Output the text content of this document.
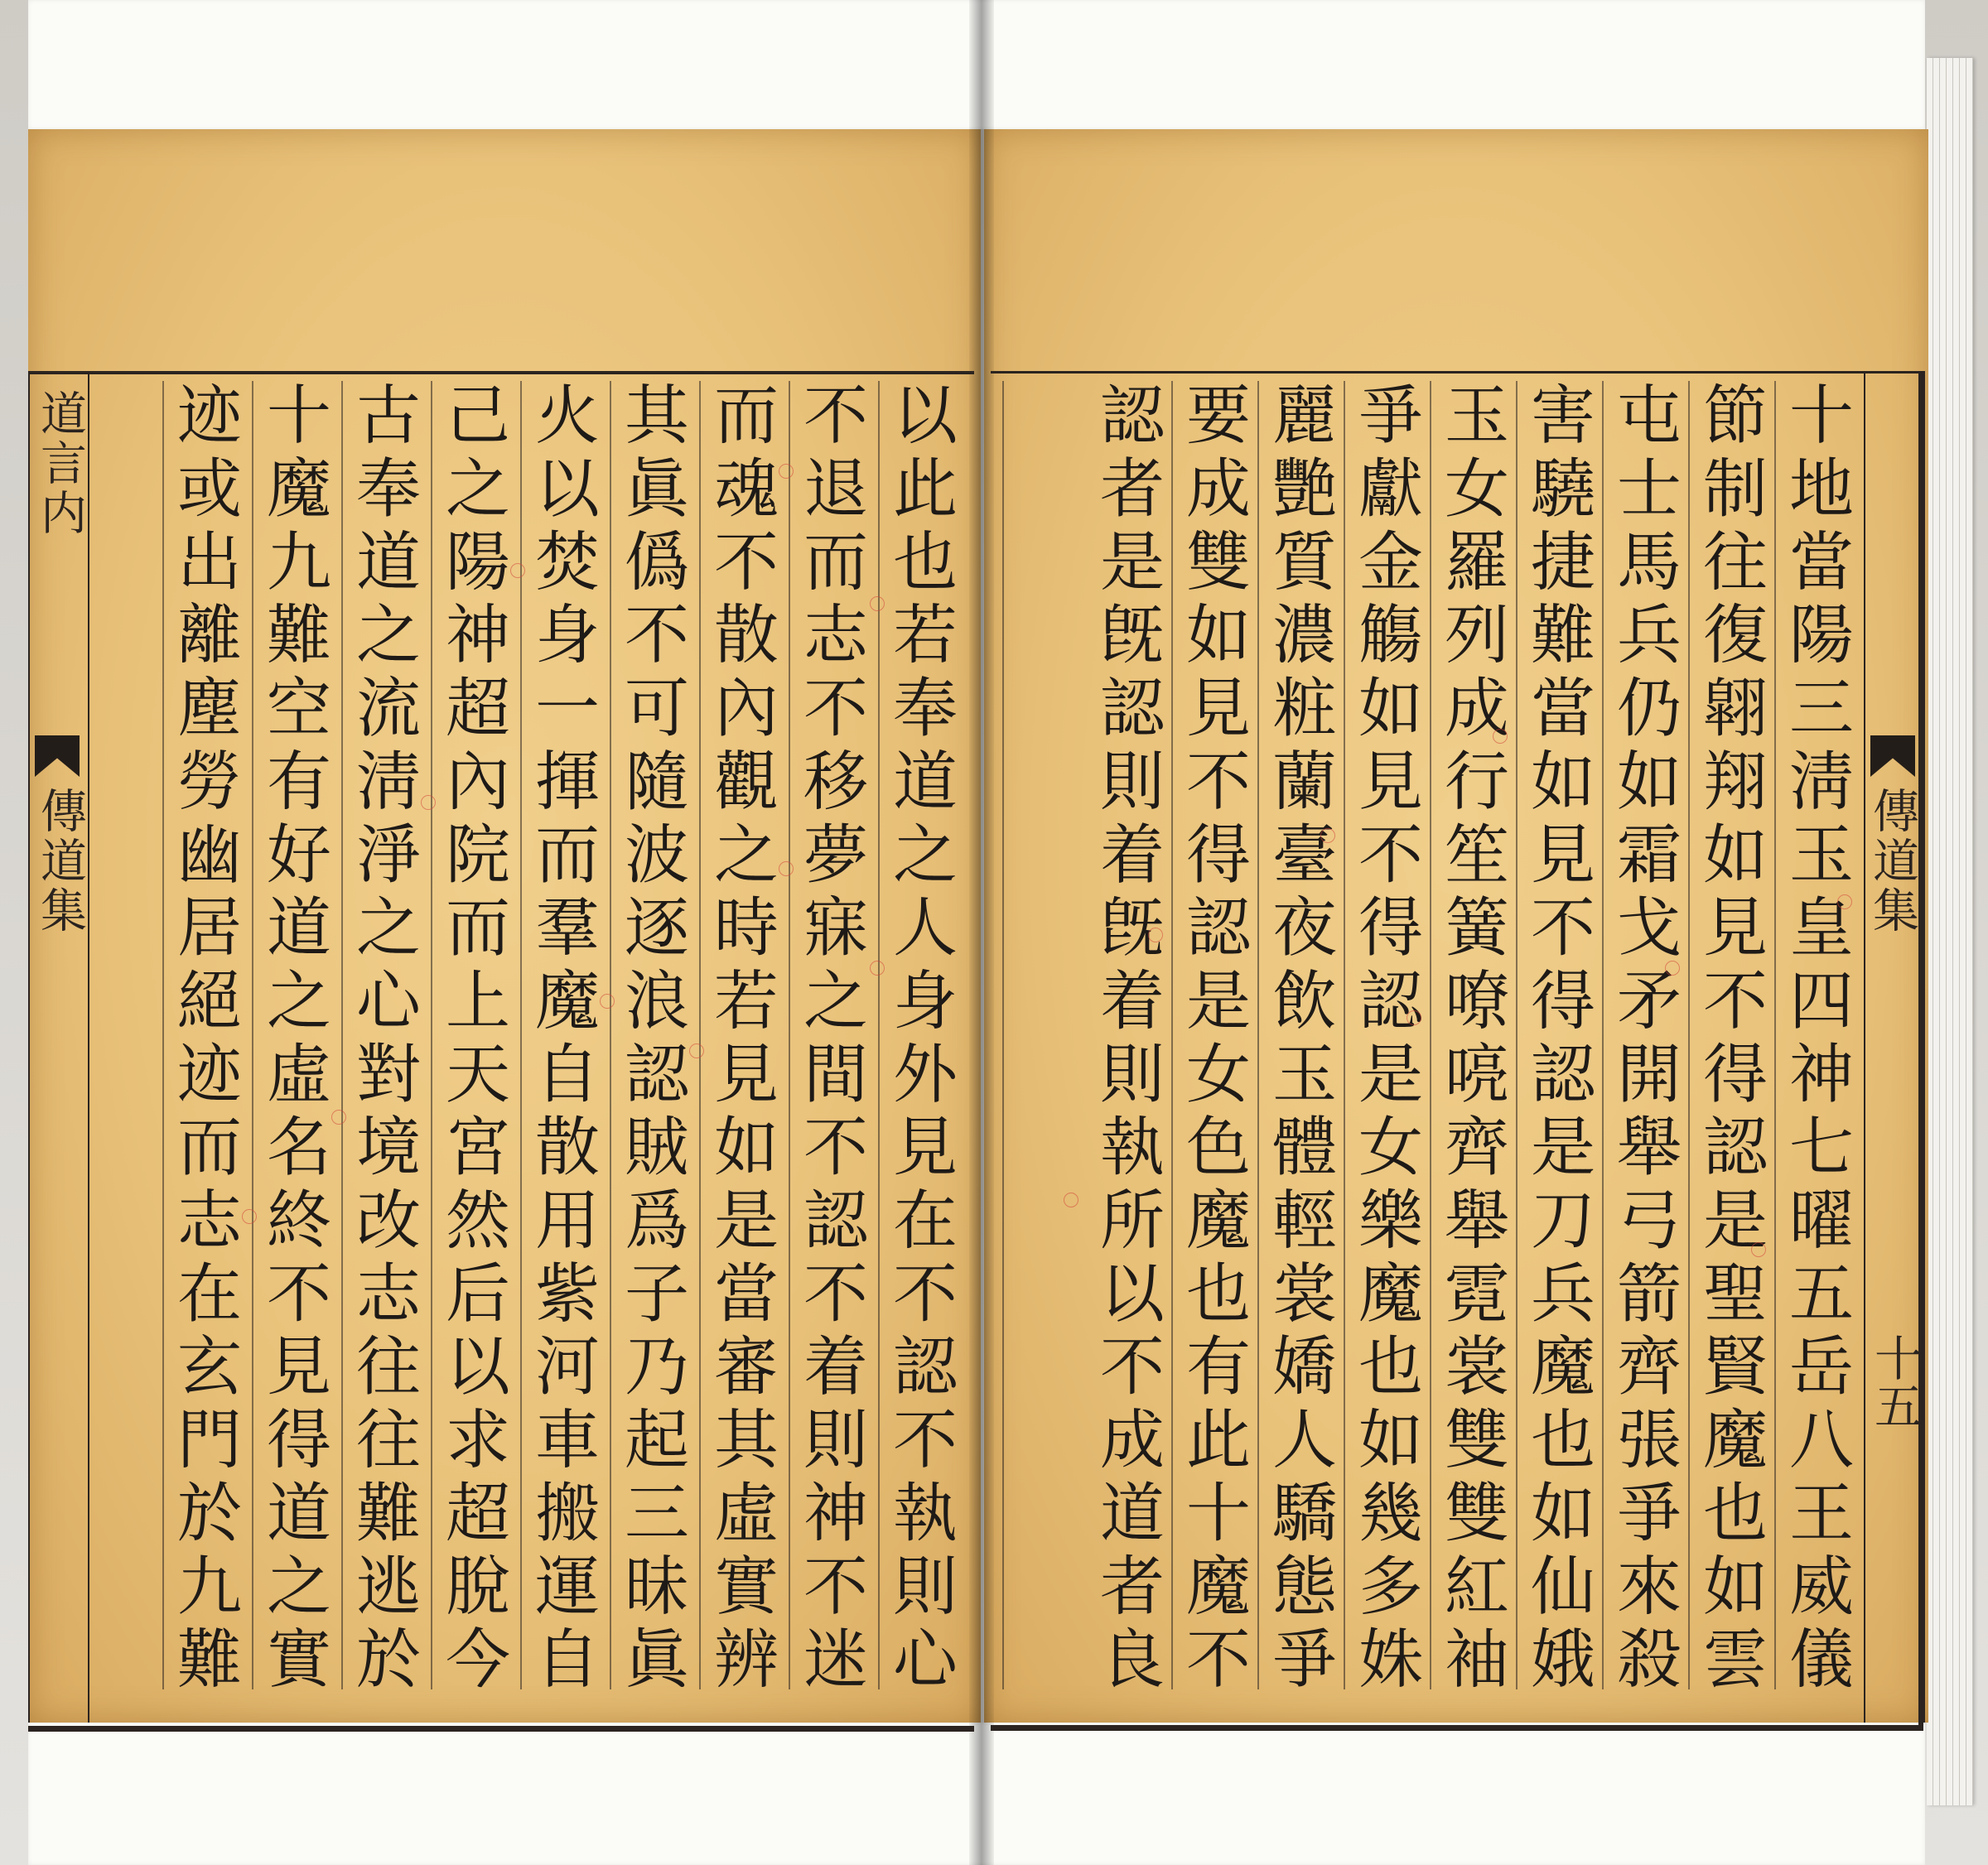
傳道集
十五
道言内
傳道集	十地當陽三淸玉皇四神七曜五岳八王威儀
節制往復翶翔如見不得認是聖賢魔也如雲
屯士馬兵仍如霜戈矛開舉弓箭齊張爭來殺
害驍捷難當如見不得認是刀兵魔也如仙娥
玉女羅列成行笙簧嘹喨齊舉霓裳雙雙紅袖
爭獻金觴如見不得認是女樂魔也如幾多姝
麗艷質濃粧蘭臺夜飲玉體輕裳嬌人驕態爭
要成雙如見不得認是女色魔也有此十魔不
認者是旣認則着旣着則執所以不成道者良
以此也若奉道之人身外見在不認不執則心
不退而志不移夢寐之間不認不着則神不迷
而魂不散內觀之時若見如是當審其虛實辨
其眞僞不可隨波逐浪認賊爲子乃起三昧眞
火以焚身一揮而羣魔自散用紫河車搬運自
己之陽神超內院而上天宮然后以求超脫今
古奉道之流淸淨之心對境改志往往難逃於
十魔九難空有好道之虛名終不見得道之實
迹或出離塵勞幽居絕迹而志在玄門於九難
